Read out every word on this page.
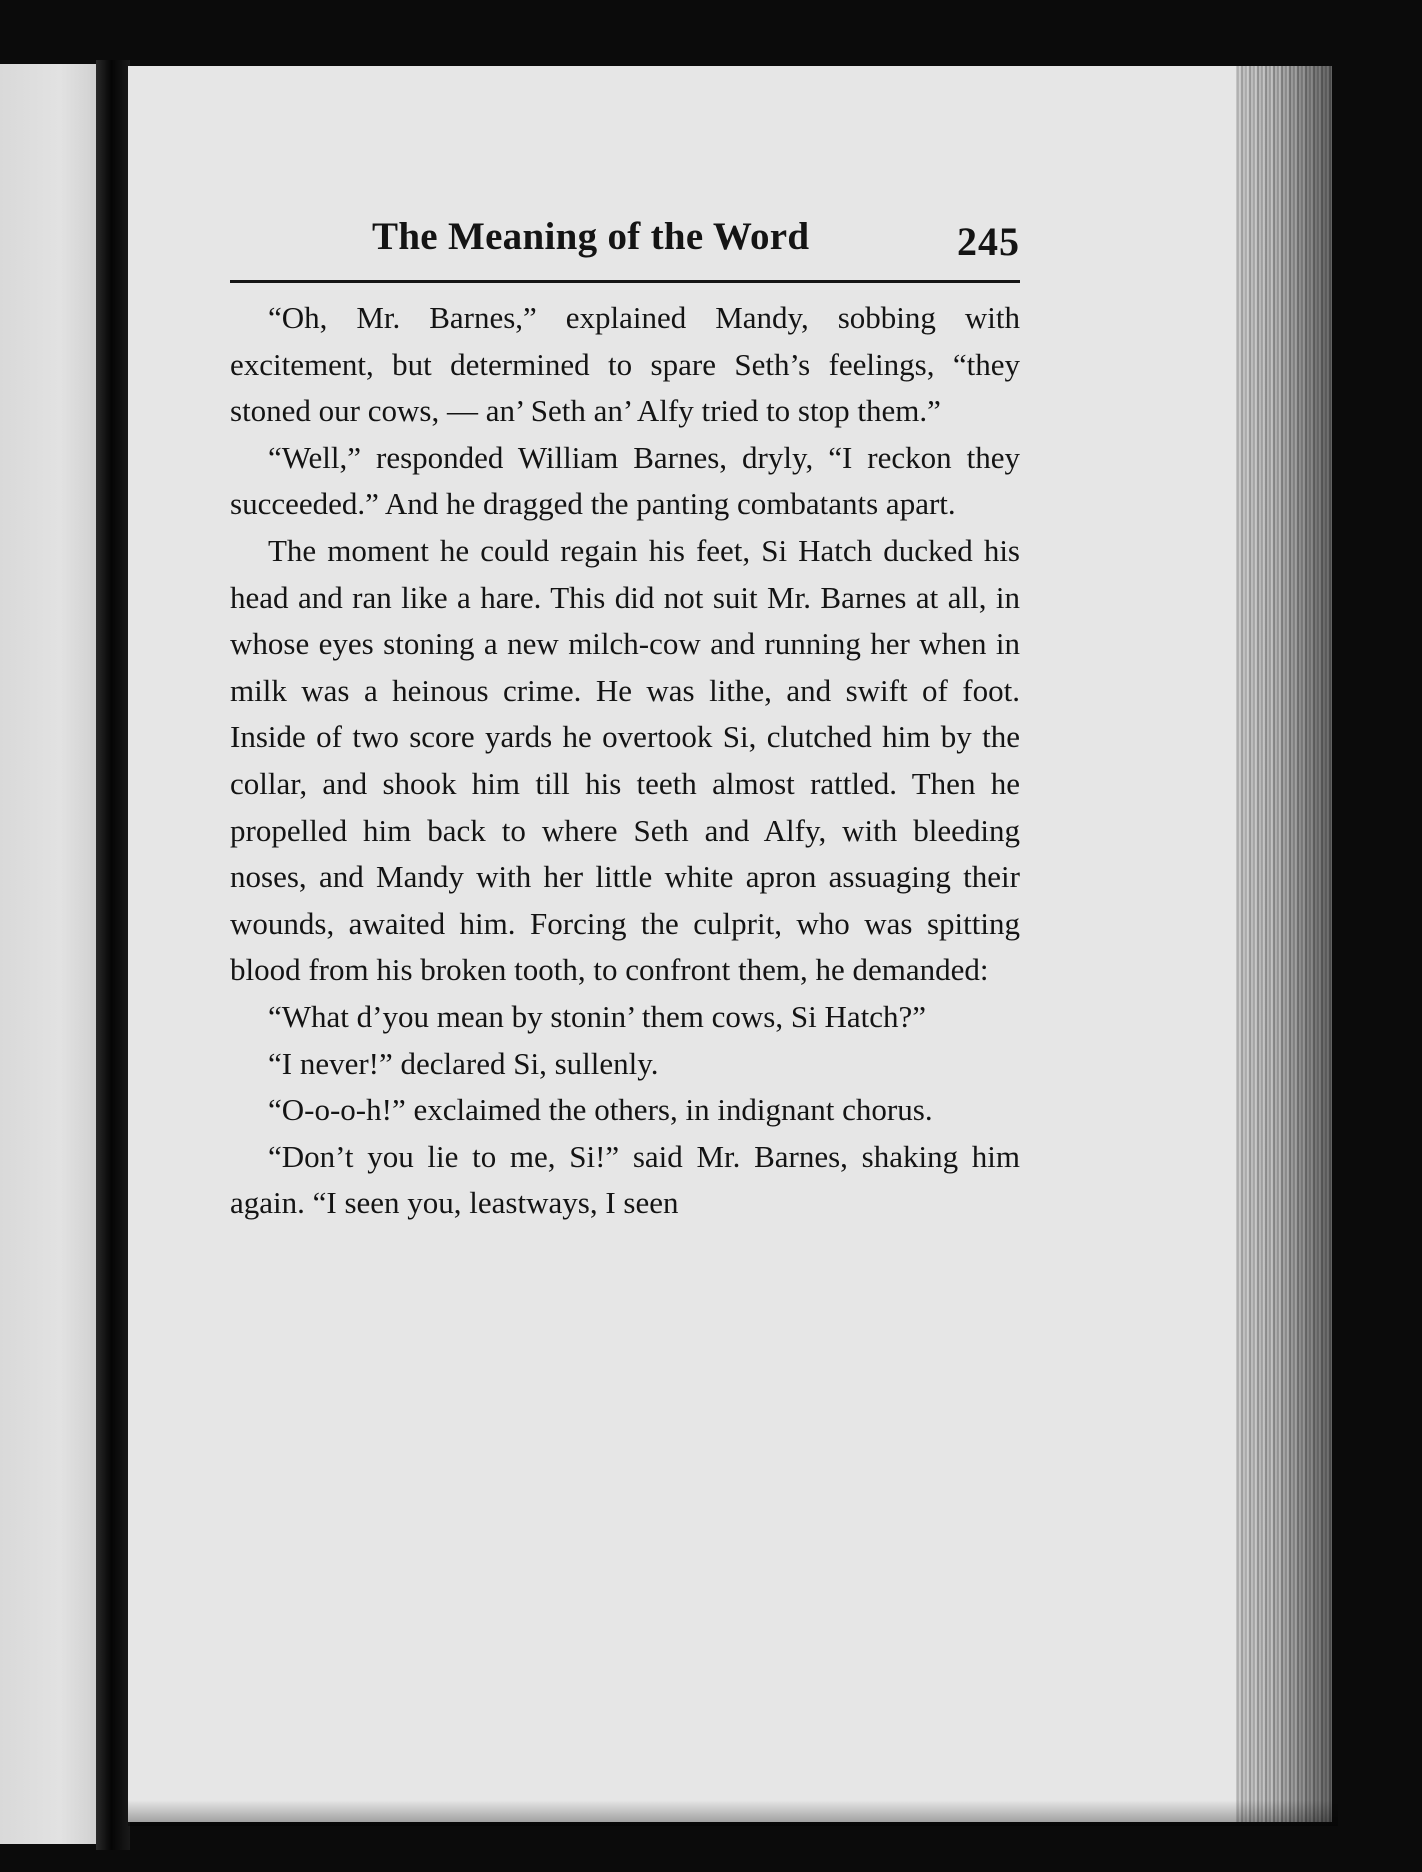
The Meaning of the Word	245

“Oh, Mr. Barnes,” explained Mandy, sobbing with excitement, but determined to spare Seth’s feelings, “they stoned our cows, — an’ Seth an’ Alfy tried to stop them.”

“Well,” responded William Barnes, dryly, “I reckon they succeeded.” And he dragged the panting combatants apart.

The moment he could regain his feet, Si Hatch ducked his head and ran like a hare. This did not suit Mr. Barnes at all, in whose eyes stoning a new milch-cow and running her when in milk was a heinous crime. He was lithe, and swift of foot. Inside of two score yards he overtook Si, clutched him by the collar, and shook him till his teeth almost rattled. Then he propelled him back to where Seth and Alfy, with bleeding noses, and Mandy with her little white apron assuaging their wounds, awaited him. Forcing the culprit, who was spitting blood from his broken tooth, to confront them, he demanded:

“What d’you mean by stonin’ them cows, Si Hatch?”

“I never!” declared Si, sullenly.

“O-o-o-h!” exclaimed the others, in indignant chorus.

“Don’t you lie to me, Si!” said Mr. Barnes, shaking him again. “I seen you, leastways, I seen
